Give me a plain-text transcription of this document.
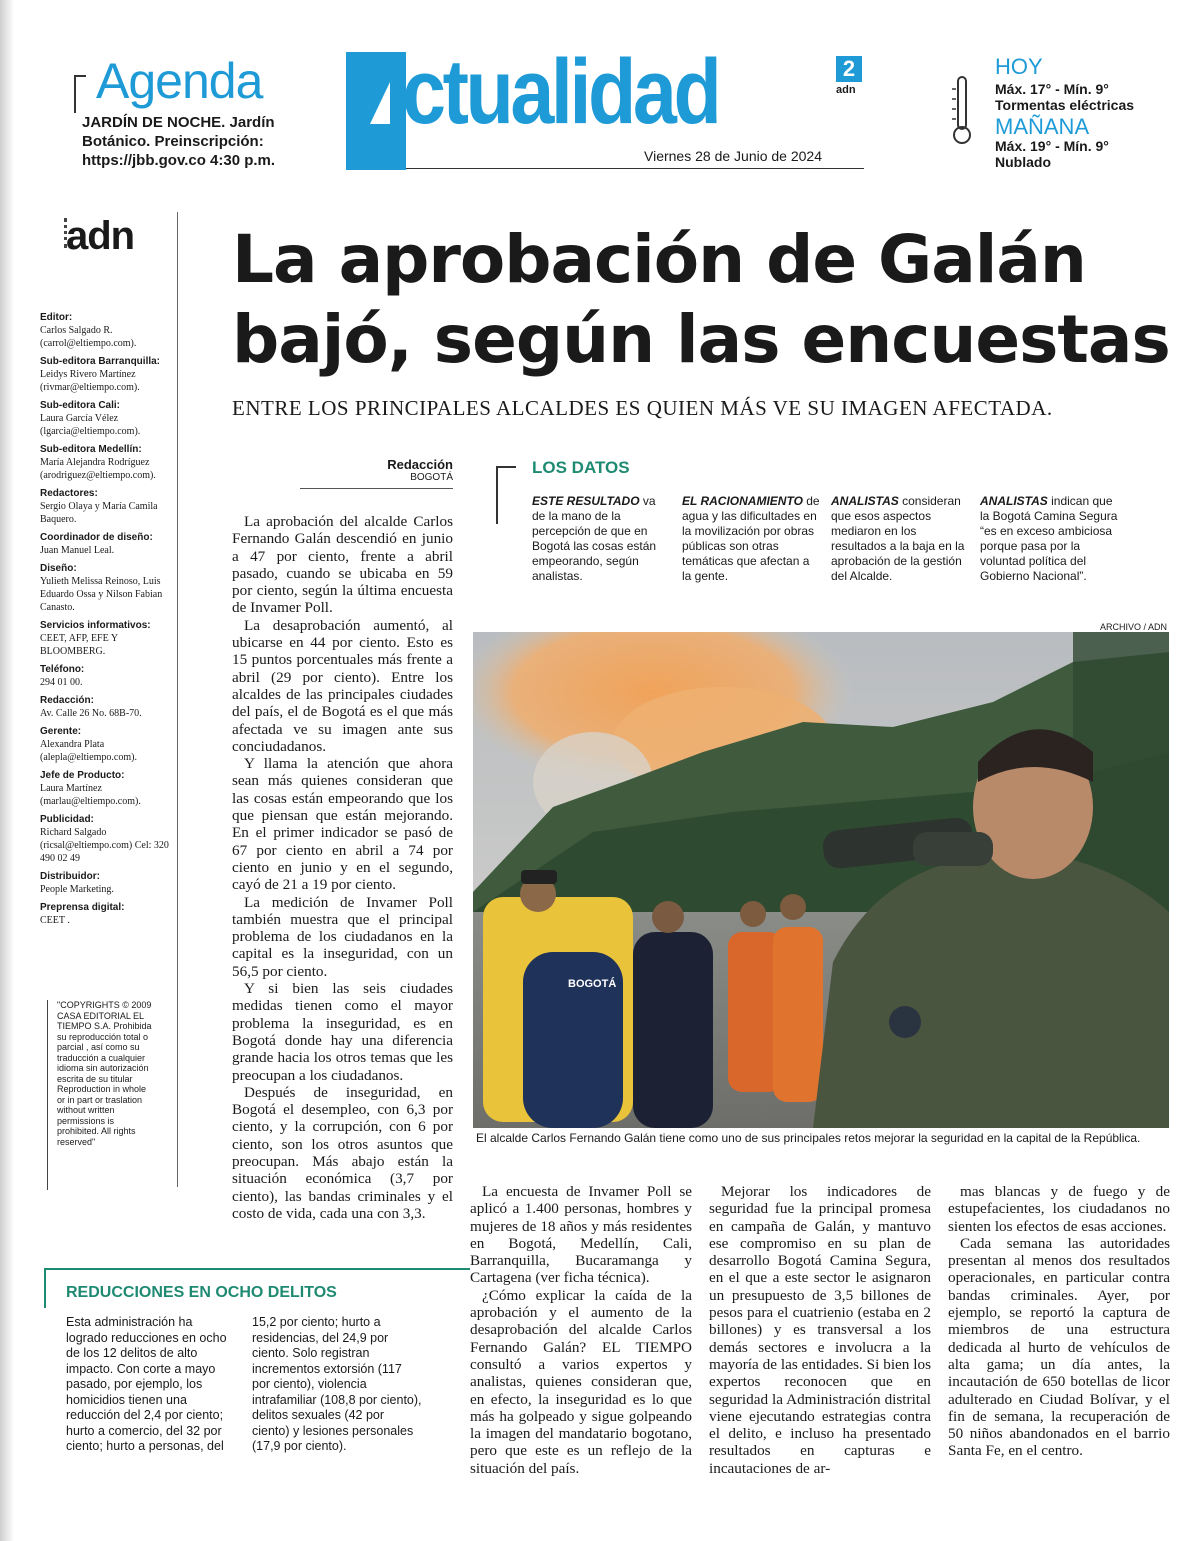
Agenda
JARDÍN DE NOCHE. Jardín Botánico. Preinscripción: https://jbb.gov.co 4:30 p.m.
ctualidad	2
adn
Viernes 28 de Junio de 2024
HOY
Máx. 17° - Mín. 9°
Tormentas eléctricas
MAÑANA
Máx. 19° - Mín. 9°
Nublado
adn
Editor:
Carlos Salgado R. (carrol@eltiempo.com).
Sub-editora Barranquilla:
Leidys Rivero Martínez (rivmar@eltiempo.com).
Sub-editora Cali:
Laura García Vélez (lgarcia@eltiempo.com).
Sub-editora Medellín:
María Alejandra Rodríguez (arodriguez@eltiempo.com).
Redactores:
Sergio Olaya y María Camila Baquero.
Coordinador de diseño:
Juan Manuel Leal.
Diseño:
Yulieth Melissa Reinoso, Luis Eduardo Ossa y Nilson Fabian Canasto.
Servicios informativos:
CEET, AFP, EFE Y BLOOMBERG.
Teléfono:
294 01 00.
Redacción:
Av. Calle 26 No. 68B-70.
Gerente:
Alexandra Plata (alepla@eltiempo.com).
Jefe de Producto:
Laura Martínez (marlau@eltiempo.com).
Publicidad:
Richard Salgado (ricsal@eltiempo.com) Cel: 320 490 02 49
Distribuidor:
People Marketing.
Preprensa digital:
CEET .
"COPYRIGHTS © 2009 CASA EDITORIAL EL TIEMPO S.A. Prohibida su reproducción total o parcial , así como su traducción a cualquier idioma sin autorización escrita de su titular Reproduction in whole or in part or traslation without written permissions is prohibited. All rights reserved"
La aprobación de Galán
bajó, según las encuestas
ENTRE LOS PRINCIPALES ALCALDES ES QUIEN MÁS VE SU IMAGEN AFECTADA.
Redacción
BOGOTÁ

La aprobación del alcalde Carlos Fernando Galán descendió en junio a 47 por ciento, frente a abril pasado, cuando se ubicaba en 59 por ciento, según la última encuesta de Invamer Poll.

La desaprobación aumentó, al ubicarse en 44 por ciento. Esto es 15 puntos porcentuales más frente a abril (29 por ciento). Entre los alcaldes de las principales ciudades del país, el de Bogotá es el que más afectada ve su imagen ante sus conciudadanos.

Y llama la atención que ahora sean más quienes consideran que las cosas están empeorando que los que piensan que están mejorando. En el primer indicador se pasó de 67 por ciento en abril a 74 por ciento en junio y en el segundo, cayó de 21 a 19 por ciento.

La medición de Invamer Poll también muestra que el principal problema de los ciudadanos en la capital es la inseguridad, con un 56,5 por ciento.

Y si bien las seis ciudades medidas tienen como el mayor problema la inseguridad, es en Bogotá donde hay una diferencia grande hacia los otros temas que les preocupan a los ciudadanos.

Después de inseguridad, en Bogotá el desempleo, con 6,3 por ciento, y la corrupción, con 6 por ciento, son los otros asuntos que preocupan. Más abajo están la situación económica (3,7 por ciento), las bandas criminales y el costo de vida, cada una con 3,3.

LOS DATOS
ESTE RESULTADO va de la mano de la percepción de que en Bogotá las cosas están empeorando, según analistas.
EL RACIONAMIENTO de agua y las dificultades en la movilización por obras públicas son otras temáticas que afectan a la gente.
ANALISTAS consideran que esos aspectos mediaron en los resultados a la baja en la aprobación de la gestión del Alcalde.
ANALISTAS indican que la Bogotá Camina Segura “es en exceso ambiciosa porque pasa por la voluntad política del Gobierno Nacional”.
ARCHIVO / ADN
BOGOTÁ
El alcalde Carlos Fernando Galán tiene como uno de sus principales retos mejorar la seguridad en la capital de la República.

La encuesta de Invamer Poll se aplicó a 1.400 personas, hombres y mujeres de 18 años y más residentes en Bogotá, Medellín, Cali, Barranquilla, Bucaramanga y Cartagena (ver ficha técnica).

¿Cómo explicar la caída de la aprobación y el aumento de la desaprobación del alcalde Carlos Fernando Galán? EL TIEMPO consultó a varios expertos y analistas, quienes consideran que, en efecto, la inseguridad es lo que más ha golpeado y sigue golpeando la imagen del mandatario bogotano, pero que este es un reflejo de la situación del país.

Mejorar los indicadores de seguridad fue la principal promesa en campaña de Galán, y mantuvo ese compromiso en su plan de desarrollo Bogotá Camina Segura, en el que a este sector le asignaron un presupuesto de 3,5 billones de pesos para el cuatrienio (estaba en 2 billones) y es transversal a los demás sectores e involucra a la mayoría de las entidades. Si bien los expertos reconocen que en seguridad la Administración distrital viene ejecutando estrategias contra el delito, e incluso ha presentado resultados en capturas e incautaciones de ar-

mas blancas y de fuego y de estupefacientes, los ciudadanos no sienten los efectos de esas acciones.

Cada semana las autoridades presentan al menos dos resultados operacionales, en particular contra bandas criminales. Ayer, por ejemplo, se reportó la captura de miembros de una estructura dedicada al hurto de vehículos de alta gama; un día antes, la incautación de 650 botellas de licor adulterado en Ciudad Bolívar, y el fin de semana, la recuperación de 50 niños abandonados en el barrio Santa Fe, en el centro.

REDUCCIONES EN OCHO DELITOS
Esta administración ha logrado reducciones en ocho de los 12 delitos de alto impacto. Con corte a mayo pasado, por ejemplo, los homicidios tienen una reducción del 2,4 por ciento; hurto a comercio, del 32 por ciento; hurto a personas, del
15,2 por ciento; hurto a residencias, del 24,9 por ciento. Solo registran incrementos extorsión (117 por ciento), violencia intrafamiliar (108,8 por ciento), delitos sexuales (42 por ciento) y lesiones personales (17,9 por ciento).
